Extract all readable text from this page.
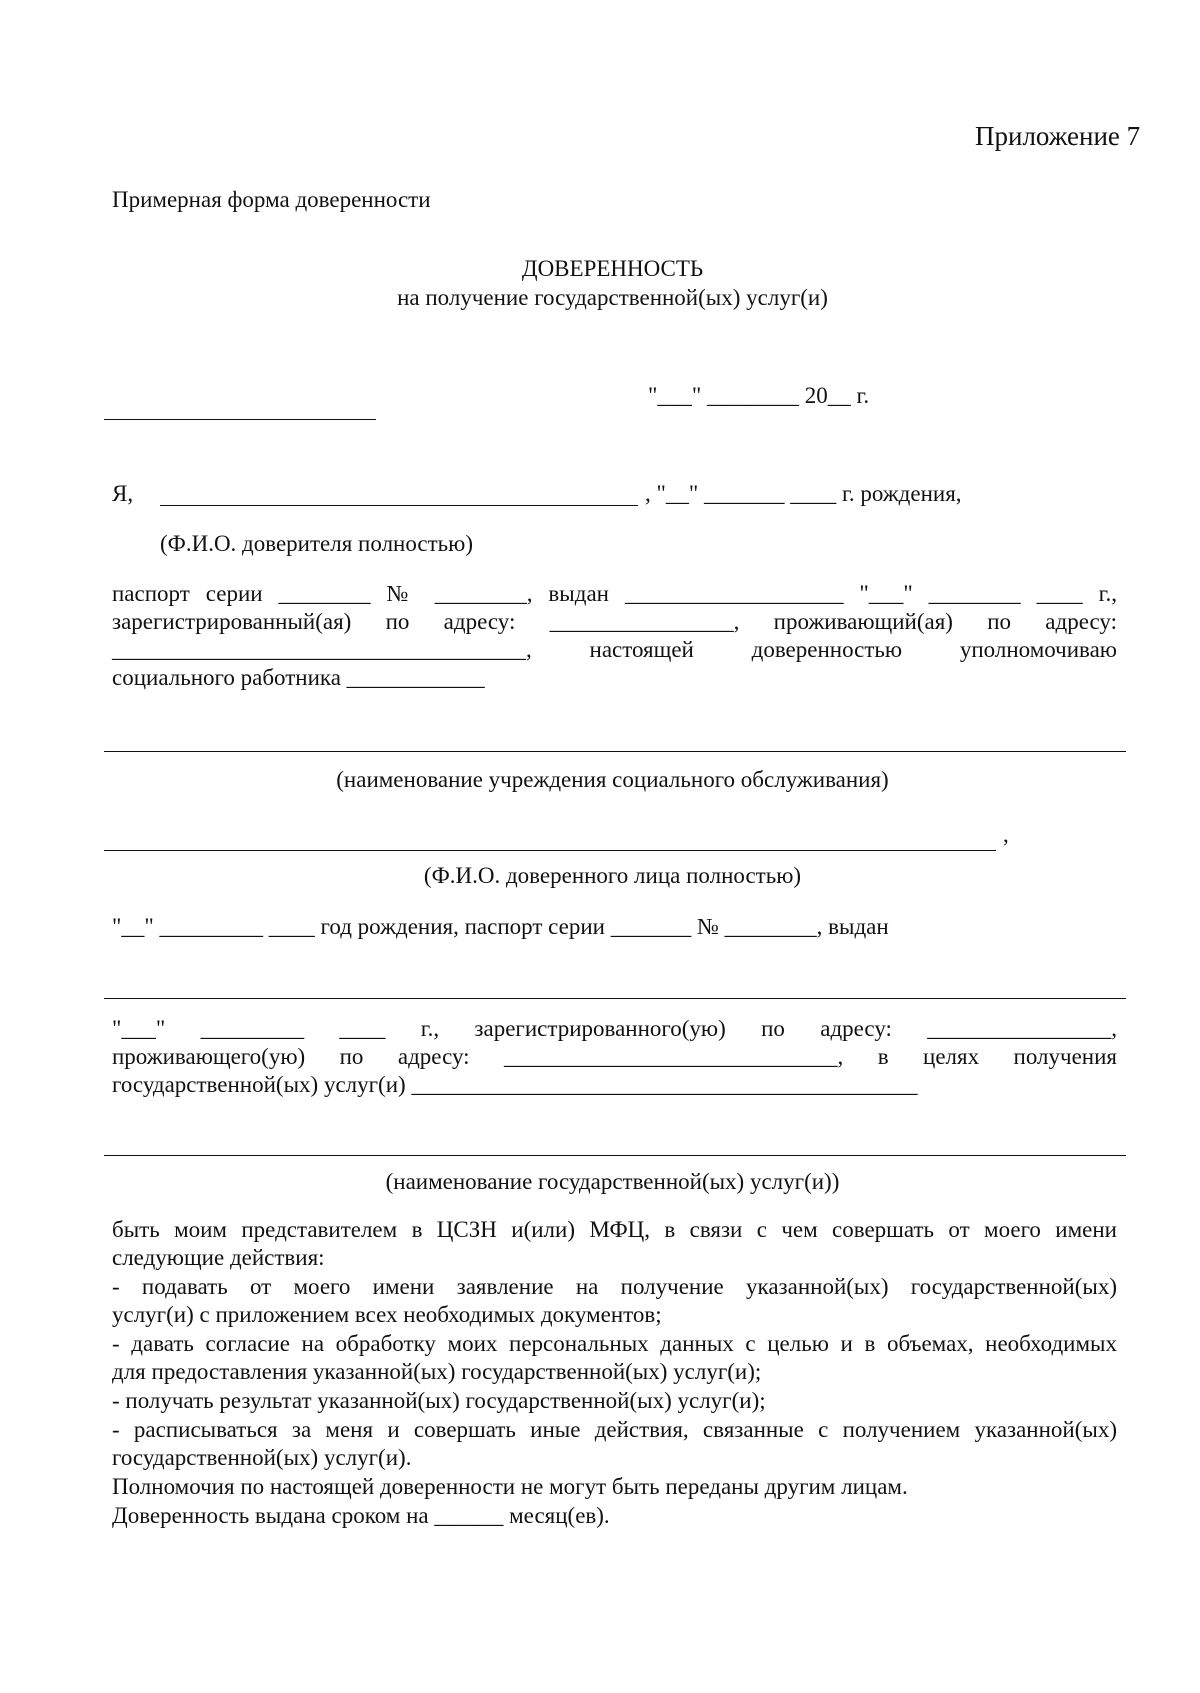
Приложение 7
Примерная форма доверенности
ДОВЕРЕННОСТЬ
на получение государственной(ых) услуг(и)
"___" ________ 20__ г.
Я,	, "__" _______ ____ г. рождения,
(Ф.И.О. доверителя полностью)
паспорт серии ________ № ________, выдан ___________________ "___" ________ ____ г.,
зарегистрированный(ая) по адресу: ________________, проживающий(ая) по адресу:
____________________________________, настоящей доверенностью уполномочиваю
социального работника ____________
(наименование учреждения социального обслуживания)
,
(Ф.И.О. доверенного лица полностью)
"__" _________ ____ год рождения, паспорт серии _______ № ________, выдан
"___" _________ ____ г., зарегистрированного(ую) по адресу: ________________,
проживающего(ую) по адресу: _____________________________, в целях получения
государственной(ых) услуг(и) ____________________________________________
(наименование государственной(ых) услуг(и))
быть моим представителем в ЦСЗН и(или) МФЦ, в связи с чем совершать от моего имени
следующие действия:
- подавать от моего имени заявление на получение указанной(ых) государственной(ых)
услуг(и) с приложением всех необходимых документов;
- давать согласие на обработку моих персональных данных с целью и в объемах, необходимых
для предоставления указанной(ых) государственной(ых) услуг(и);
- получать результат указанной(ых) государственной(ых) услуг(и);
- расписываться за меня и совершать иные действия, связанные с получением указанной(ых)
государственной(ых) услуг(и).
Полномочия по настоящей доверенности не могут быть переданы другим лицам.
Доверенность выдана сроком на ______ месяц(ев).
